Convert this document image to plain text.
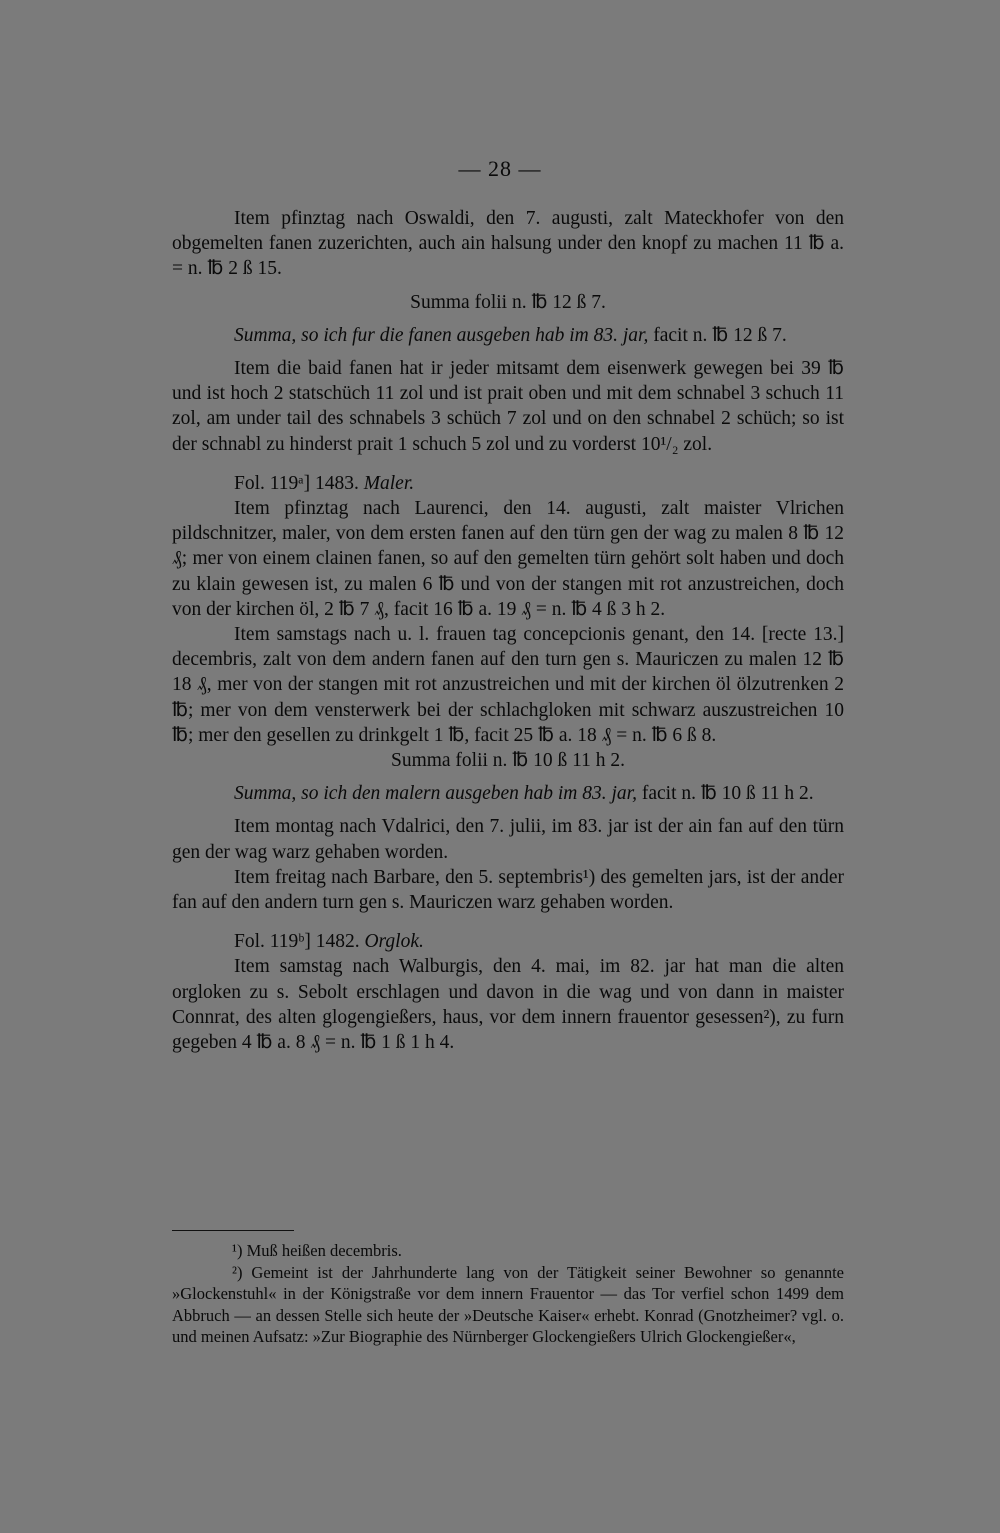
— 28 —

Item pfinztag nach Oswaldi, den 7. augusti, zalt Mateckhofer von den obgemelten fanen zuzerichten, auch ain halsung under den knopf zu machen 11 ℔ a. = n. ℔ 2 ß 15.

Summa folii n. ℔ 12 ß 7.

Summa, so ich fur die fanen ausgeben hab im 83. jar, facit n. ℔ 12 ß 7.

Item die baid fanen hat ir jeder mitsamt dem eisenwerk gewegen bei 39 ℔ und ist hoch 2 statschüch 11 zol und ist prait oben und mit dem schnabel 3 schuch 11 zol, am under tail des schnabels 3 schüch 7 zol und on den schnabel 2 schüch; so ist der schnabl zu hinderst prait 1 schuch 5 zol und zu vorderst 10¹/₂ zol.

Fol. 119ᵃ] 1483. Maler.

Item pfinztag nach Laurenci, den 14. augusti, zalt maister Vlrichen pildschnitzer, maler, von dem ersten fanen auf den türn gen der wag zu malen 8 ℔ 12 ₰; mer von einem clainen fanen, so auf den gemelten türn gehört solt haben und doch zu klain gewesen ist, zu malen 6 ℔ und von der stangen mit rot anzustreichen, doch von der kirchen öl, 2 ℔ 7 ₰, facit 16 ℔ a. 19 ₰ = n. ℔ 4 ß 3 h 2.

Item samstags nach u. l. frauen tag concepcionis genant, den 14. [recte 13.] decembris, zalt von dem andern fanen auf den turn gen s. Mauriczen zu malen 12 ℔ 18 ₰, mer von der stangen mit rot anzustreichen und mit der kirchen öl ölzutrenken 2 ℔; mer von dem vensterwerk bei der schlachgloken mit schwarz auszustreichen 10 ℔; mer den gesellen zu drinkgelt 1 ℔, facit 25 ℔ a. 18 ₰ = n. ℔ 6 ß 8.

Summa folii n. ℔ 10 ß 11 h 2.

Summa, so ich den malern ausgeben hab im 83. jar, facit n. ℔ 10 ß 11 h 2.

Item montag nach Vdalrici, den 7. julii, im 83. jar ist der ain fan auf den türn gen der wag warz gehaben worden.

Item freitag nach Barbare, den 5. septembris¹) des gemelten jars, ist der ander fan auf den andern turn gen s. Mauriczen warz gehaben worden.

Fol. 119ᵇ] 1482. Orglok.

Item samstag nach Walburgis, den 4. mai, im 82. jar hat man die alten orgloken zu s. Sebolt erschlagen und davon in die wag und von dann in maister Connrat, des alten glogengießers, haus, vor dem innern frauentor gesessen²), zu furn gegeben 4 ℔ a. 8 ₰ = n. ℔ 1 ß 1 h 4.

¹) Muß heißen decembris.

²) Gemeint ist der Jahrhunderte lang von der Tätigkeit seiner Bewohner so genannte »Glockenstuhl« in der Königstraße vor dem innern Frauentor — das Tor verfiel schon 1499 dem Abbruch — an dessen Stelle sich heute der »Deutsche Kaiser« erhebt. Konrad (Gnotzheimer? vgl. o. und meinen Aufsatz: »Zur Biographie des Nürnberger Glockengießers Ulrich Glockengießer«,
